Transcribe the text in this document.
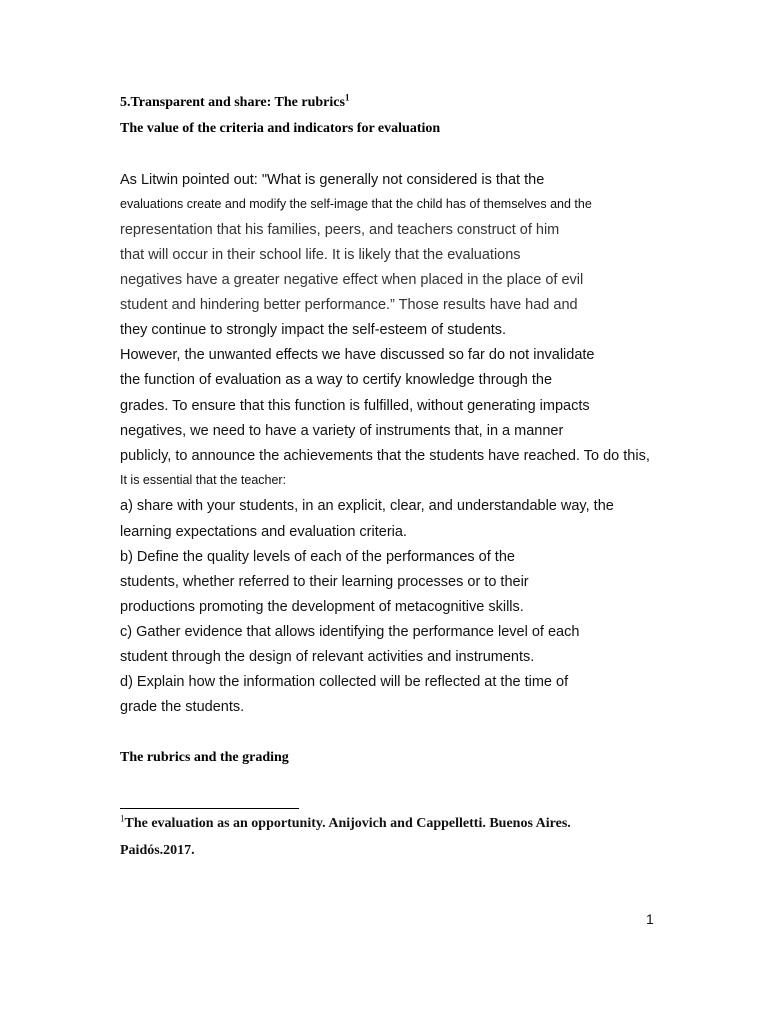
5.Transparent and share: The rubrics$^1$
The value of the criteria and indicators for evaluation
As Litwin pointed out: "What is generally not considered is that the
evaluations create and modify the self-image that the child has of themselves and the
representation that his families, peers, and teachers construct of him
that will occur in their school life. It is likely that the evaluations
negatives have a greater negative effect when placed in the place of evil
student and hindering better performance.” Those results have had and
they continue to strongly impact the self-esteem of students.
However, the unwanted effects we have discussed so far do not invalidate
the function of evaluation as a way to certify knowledge through the
grades. To ensure that this function is fulfilled, without generating impacts
negatives, we need to have a variety of instruments that, in a manner
publicly, to announce the achievements that the students have reached. To do this,
It is essential that the teacher:
a) share with your students, in an explicit, clear, and understandable way, the
learning expectations and evaluation criteria.
b) Define the quality levels of each of the performances of the
students, whether referred to their learning processes or to their
productions promoting the development of metacognitive skills.
c) Gather evidence that allows identifying the performance level of each
student through the design of relevant activities and instruments.
d) Explain how the information collected will be reflected at the time of
grade the students.
The rubrics and the grading
$^1$The evaluation as an opportunity. Anijovich and Cappelletti. Buenos Aires.
Paidós.2017.
1
